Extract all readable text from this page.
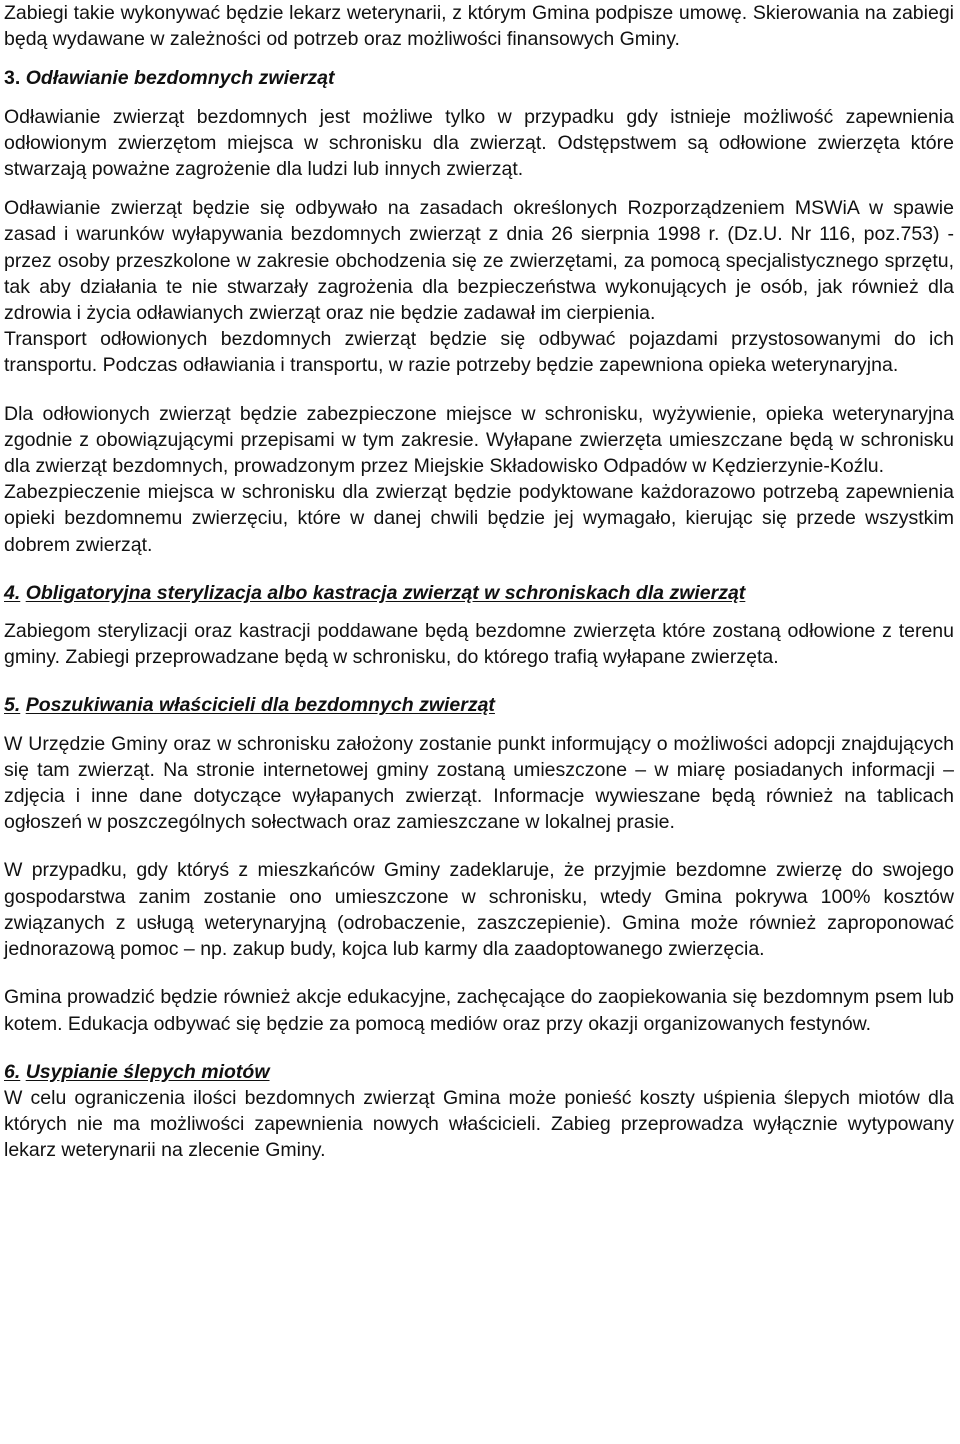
Zabiegi takie wykonywać będzie lekarz weterynarii, z którym Gmina podpisze umowę. Skierowania na zabiegi będą wydawane w zależności od potrzeb oraz możliwości finansowych Gminy.

3. Odławianie bezdomnych zwierząt

Odławianie zwierząt bezdomnych jest możliwe tylko w przypadku gdy istnieje możliwość zapewnienia odłowionym zwierzętom miejsca w schronisku dla zwierząt. Odstępstwem są odłowione zwierzęta które stwarzają poważne zagrożenie dla ludzi lub innych zwierząt.

Odławianie zwierząt będzie się odbywało na zasadach określonych Rozporządzeniem MSWiA w spawie zasad i warunków wyłapywania bezdomnych zwierząt z dnia 26 sierpnia 1998 r. (Dz.U. Nr 116, poz.753) - przez osoby przeszkolone w zakresie obchodzenia się ze zwierzętami, za pomocą specjalistycznego sprzętu, tak aby działania te nie stwarzały zagrożenia dla bezpieczeństwa wykonujących je osób, jak również dla zdrowia i życia odławianych zwierząt oraz nie będzie zadawał im cierpienia.

Transport odłowionych bezdomnych zwierząt będzie się odbywać pojazdami przystosowanymi do ich transportu. Podczas odławiania i transportu, w razie potrzeby będzie zapewniona opieka weterynaryjna.

Dla odłowionych zwierząt będzie zabezpieczone miejsce w schronisku, wyżywienie, opieka weterynaryjna zgodnie z obowiązującymi przepisami w tym zakresie. Wyłapane zwierzęta umieszczane będą w schronisku dla zwierząt bezdomnych, prowadzonym przez Miejskie Składowisko Odpadów w Kędzierzynie-Koźlu.

Zabezpieczenie miejsca w schronisku dla zwierząt będzie podyktowane każdorazowo potrzebą zapewnienia opieki bezdomnemu zwierzęciu, które w danej chwili będzie jej wymagało, kierując się przede wszystkim dobrem zwierząt.

4. Obligatoryjna sterylizacja albo kastracja zwierząt w schroniskach dla zwierząt

Zabiegom sterylizacji oraz kastracji poddawane będą bezdomne zwierzęta które zostaną odłowione z terenu gminy. Zabiegi przeprowadzane będą w schronisku, do którego trafią wyłapane zwierzęta.

5. Poszukiwania właścicieli dla bezdomnych zwierząt

W Urzędzie Gminy oraz w schronisku założony zostanie punkt informujący o możliwości adopcji znajdujących się tam zwierząt. Na stronie internetowej gminy zostaną umieszczone – w miarę posiadanych informacji – zdjęcia i inne dane dotyczące wyłapanych zwierząt. Informacje wywieszane będą również na tablicach ogłoszeń w poszczególnych sołectwach oraz zamieszczane w lokalnej prasie.

W przypadku, gdy któryś z mieszkańców Gminy zadeklaruje, że przyjmie bezdomne zwierzę do swojego gospodarstwa zanim zostanie ono umieszczone w schronisku, wtedy Gmina pokrywa 100% kosztów związanych z usługą weterynaryjną (odrobaczenie, zaszczepienie). Gmina może również zaproponować jednorazową pomoc – np. zakup budy, kojca lub karmy dla zaadoptowanego zwierzęcia.

Gmina prowadzić będzie również akcje edukacyjne, zachęcające do zaopiekowania się bezdomnym psem lub kotem. Edukacja odbywać się będzie za pomocą mediów oraz przy okazji organizowanych festynów.

6. Usypianie ślepych miotów

W celu ograniczenia ilości bezdomnych zwierząt Gmina może ponieść koszty uśpienia ślepych miotów dla których nie ma możliwości zapewnienia nowych właścicieli. Zabieg przeprowadza wyłącznie wytypowany lekarz weterynarii na zlecenie Gminy.
